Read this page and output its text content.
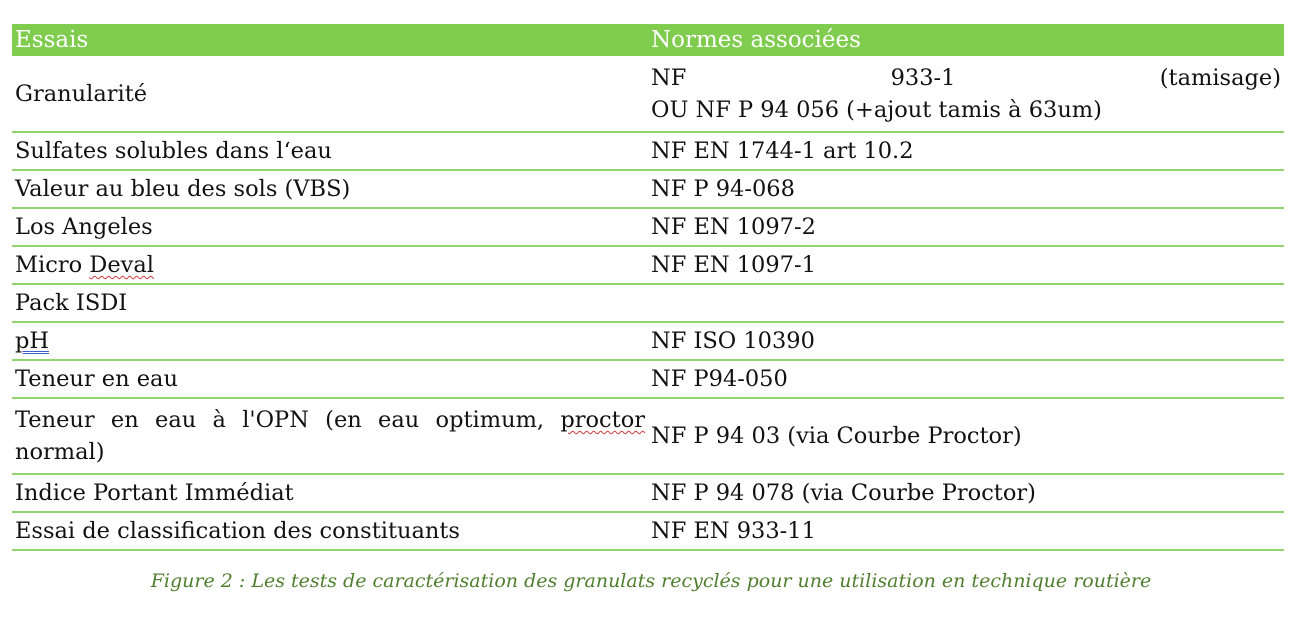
Essais	Normes associées
Granularité	NF 933-1 (tamisage)
OU NF P 94 056 (+ajout tamis à 63um)

Sulfates solubles dans l‘eau	NF EN 1744-1 art 10.2
Valeur au bleu des sols (VBS)	NF P 94-068
Los Angeles	NF EN 1097-2
Micro Deval	NF EN 1097-1
Pack ISDI	
pH	NF ISO 10390
Teneur en eau	NF P94-050
Teneur en eau à l'OPN (en eau optimum, proctor normal)	NF P 94 03 (via Courbe Proctor)
Indice Portant Immédiat	NF P 94 078 (via Courbe Proctor)
Essai de classification des constituants	NF EN 933-11
Figure 2 : Les tests de caractérisation des granulats recyclés pour une utilisation en technique routière
